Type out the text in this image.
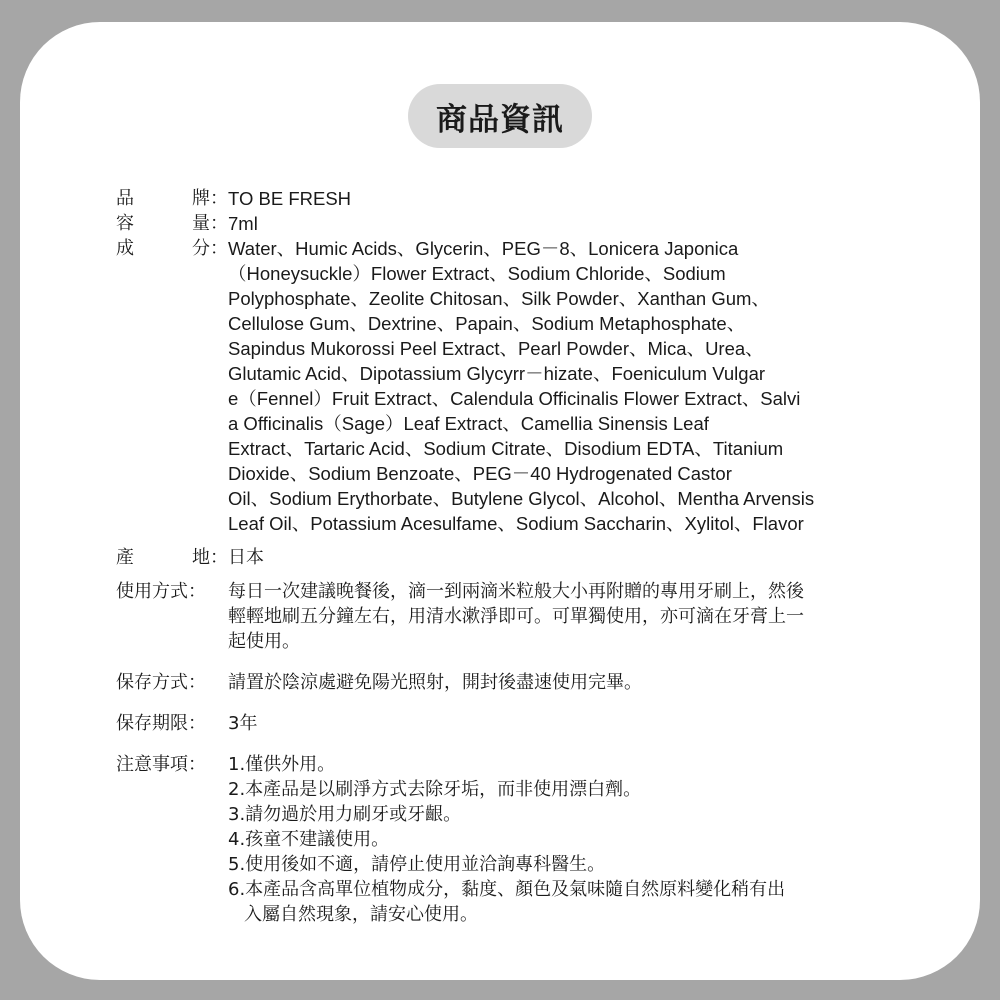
商品資訊
品	牌： TO BE FRESH
容	量： 7ml
成	分： Water、Humic Acids、Glycerin、PEG－8、Lonicera Japonica
（Honeysuckle）Flower Extract、Sodium Chloride、Sodium
Polyphosphate、Zeolite Chitosan、Silk Powder、Xanthan Gum、
Cellulose Gum、Dextrine、Papain、Sodium Metaphosphate、
Sapindus Mukorossi Peel Extract、Pearl Powder、Mica、Urea、
Glutamic Acid、Dipotassium Glycyrr－hizate、Foeniculum Vulgar
e（Fennel）Fruit Extract、Calendula Officinalis Flower Extract、Salvi
a Officinalis（Sage）Leaf Extract、Camellia Sinensis Leaf
Extract、Tartaric Acid、Sodium Citrate、Disodium EDTA、Titanium
Dioxide、Sodium Benzoate、PEG－40 Hydrogenated Castor
Oil、Sodium Erythorbate、Butylene Glycol、Alcohol、Mentha Arvensis
Leaf Oil、Potassium Acesulfame、Sodium Saccharin、Xylitol、Flavor
產	地： 日本
使用方式：	每日一次建議晚餐後，滴一到兩滴米粒般大小再附贈的專用牙刷上，然後
輕輕地刷五分鐘左右，用清水漱淨即可。可單獨使用，亦可滴在牙膏上一
起使用。
保存方式：	請置於陰涼處避免陽光照射，開封後盡速使用完畢。
保存期限：	3年
注意事項：	1.僅供外用。
2.本產品是以刷淨方式去除牙垢，而非使用漂白劑。
3.請勿過於用力刷牙或牙齦。
4.孩童不建議使用。
5.使用後如不適，請停止使用並洽詢專科醫生。
6.本產品含高單位植物成分，黏度、顏色及氣味隨自然原料變化稍有出
入屬自然現象，請安心使用。
